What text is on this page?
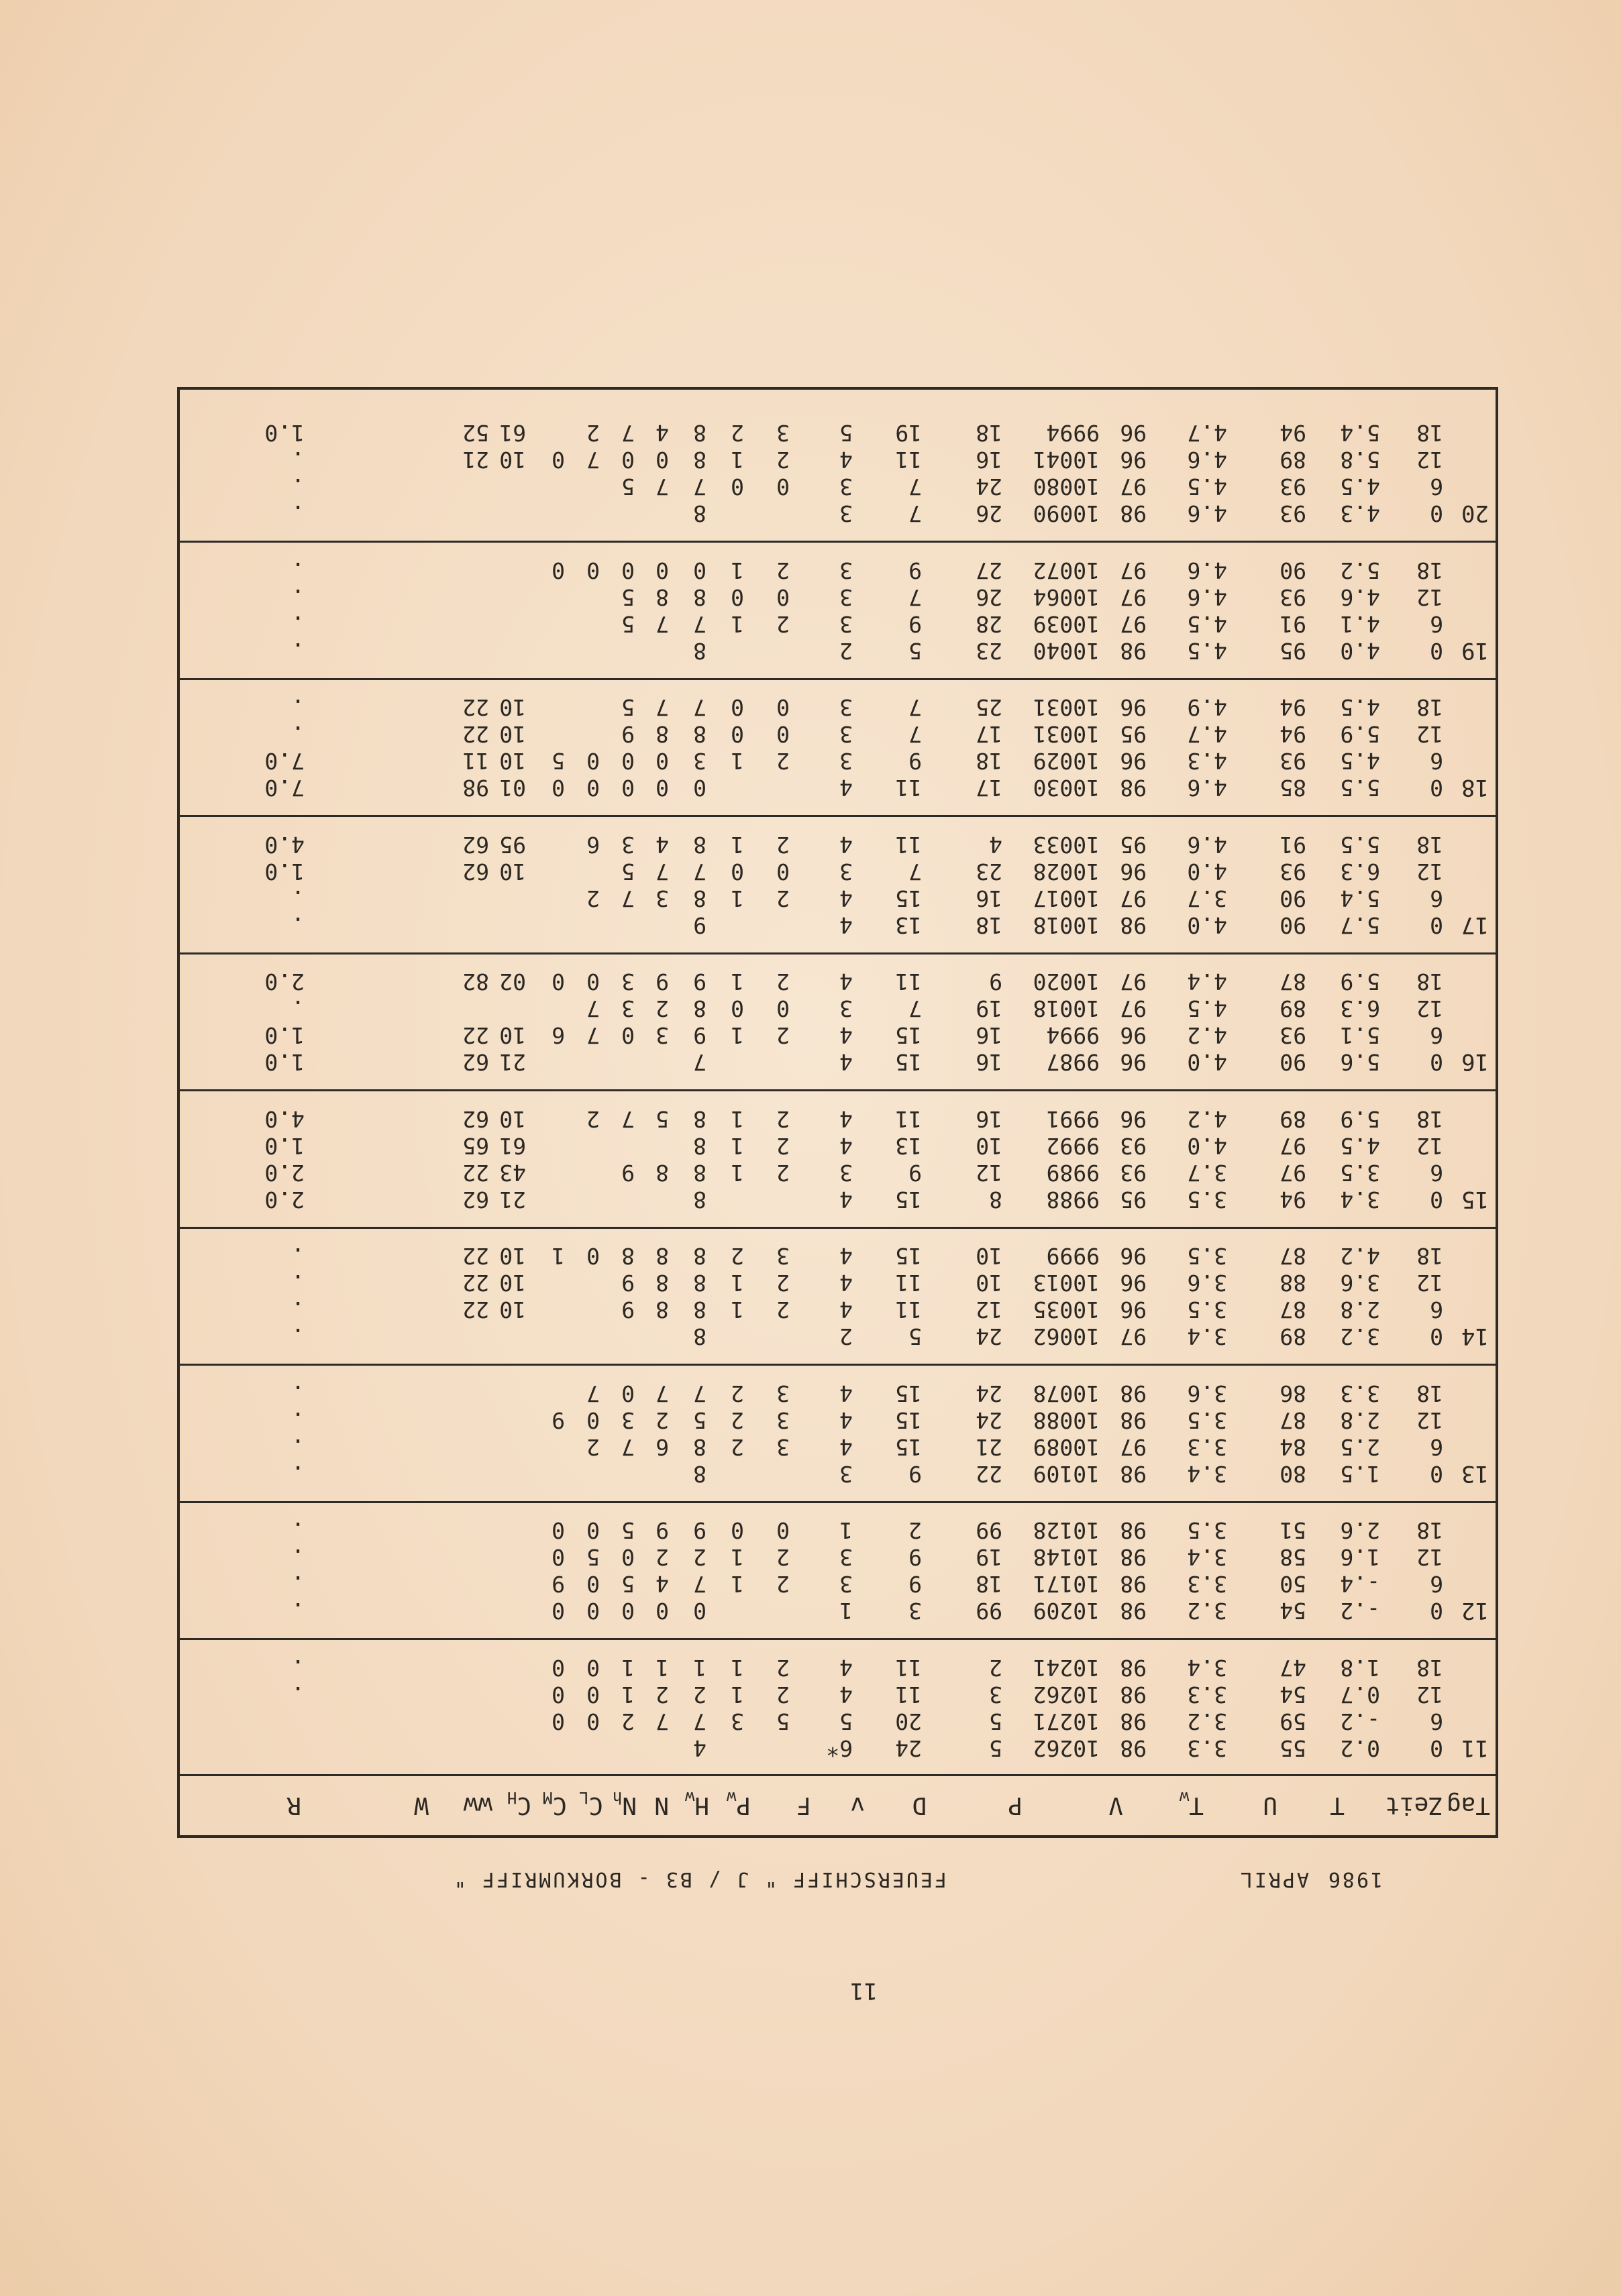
11
1986
APRIL
FEUERSCHIFF " J / B3 - BORKUMRIFF "
Tag
Zeit
T
U
$T_w$
V
P
D
v
F
$P_w$
$H_w$
N
$N_h$
$C_L$
$C_M$
$C_H$
ww
W
R
11
0
0.2
55
3.3
98
10262
5
24
6*
4
6
-.2
59
3.2
98
10271
5
20
5
5
3
7
7
2
0
0
12
0.7
54
3.3
98
10262
3
11
4
2
1
2
2
1
0
0
.
18
1.8
47
3.4
98
10241
2
11
4
2
1
1
1
1
0
0
.
12
0
-.2
54
3.2
98
10209
99
3
1
0
0
0
0
0
.
6
-.4
50
3.3
98
10171
18
9
3
2
1
7
4
5
0
9
.
12
1.6
58
3.4
98
10148
19
9
3
2
1
2
2
0
5
0
.
18
2.6
51
3.5
98
10128
99
2
1
0
0
9
9
5
0
0
.
13
0
1.5
80
3.4
98
10109
22
9
3
8
.
6
2.5
84
3.3
97
10089
21
15
4
3
2
8
6
7
2
.
12
2.8
87
3.5
98
10088
24
15
4
3
2
5
2
3
0
9
.
18
3.3
86
3.6
98
10078
24
15
4
3
2
7
7
0
7
.
14
0
3.2
89
3.4
97
10062
24
5
2
8
.
6
2.8
87
3.5
96
10035
12
11
4
2
1
8
8
9
10
22
.
12
3.6
88
3.6
96
10013
10
11
4
2
1
8
8
9
10
22
.
18
4.2
87
3.5
96
9999
10
15
4
3
2
8
8
8
0
1
10
22
.
15
0
3.4
94
3.5
95
9988
8
15
4
8
21
62
2.0
6
3.5
97
3.7
93
9989
12
9
3
2
1
8
8
9
43
22
2.0
12
4.5
97
4.0
93
9992
10
13
4
2
1
8
61
65
1.0
18
5.9
89
4.2
96
9991
16
11
4
2
1
8
5
7
2
10
62
4.0
16
0
5.6
90
4.0
96
9987
16
15
4
7
21
62
1.0
6
5.1
93
4.2
96
9994
16
15
4
2
1
9
3
0
7
6
10
22
1.0
12
6.3
89
4.5
97
10018
19
7
3
0
0
8
2
3
7
.
18
5.9
87
4.4
97
10020
9
11
4
2
1
9
9
3
0
0
02
82
2.0
17
0
5.7
90
4.0
98
10018
18
13
4
9
.
6
5.4
90
3.7
97
10017
16
15
4
2
1
8
3
7
2
.
12
6.3
93
4.0
96
10028
23
7
3
0
0
7
7
5
10
62
1.0
18
5.5
91
4.6
95
10033
4
11
4
2
1
8
4
3
6
95
62
4.0
18
0
5.5
85
4.6
98
10030
17
11
4
0
0
0
0
0
01
98
7.0
6
4.5
93
4.3
96
10029
18
9
3
2
1
3
0
0
0
5
10
11
7.0
12
5.9
94
4.7
95
10031
17
7
3
0
0
8
8
9
10
22
.
18
4.5
94
4.9
96
10031
25
7
3
0
0
7
7
5
10
22
.
19
0
4.0
95
4.5
98
10040
23
5
2
8
.
6
4.1
91
4.5
97
10039
28
9
3
2
1
7
7
5
.
12
4.6
93
4.6
97
10064
26
7
3
0
0
8
8
5
.
18
5.2
90
4.6
97
10072
27
9
3
2
1
0
0
0
0
0
.
20
0
4.3
93
4.6
98
10090
26
7
3
8
.
6
4.5
93
4.5
97
10080
24
7
3
0
0
7
7
5
.
12
5.8
89
4.6
96
10041
16
11
4
2
1
8
0
0
7
0
10
21
.
18
5.4
94
4.7
96
9994
18
19
5
3
2
8
4
7
2
61
52
1.0
